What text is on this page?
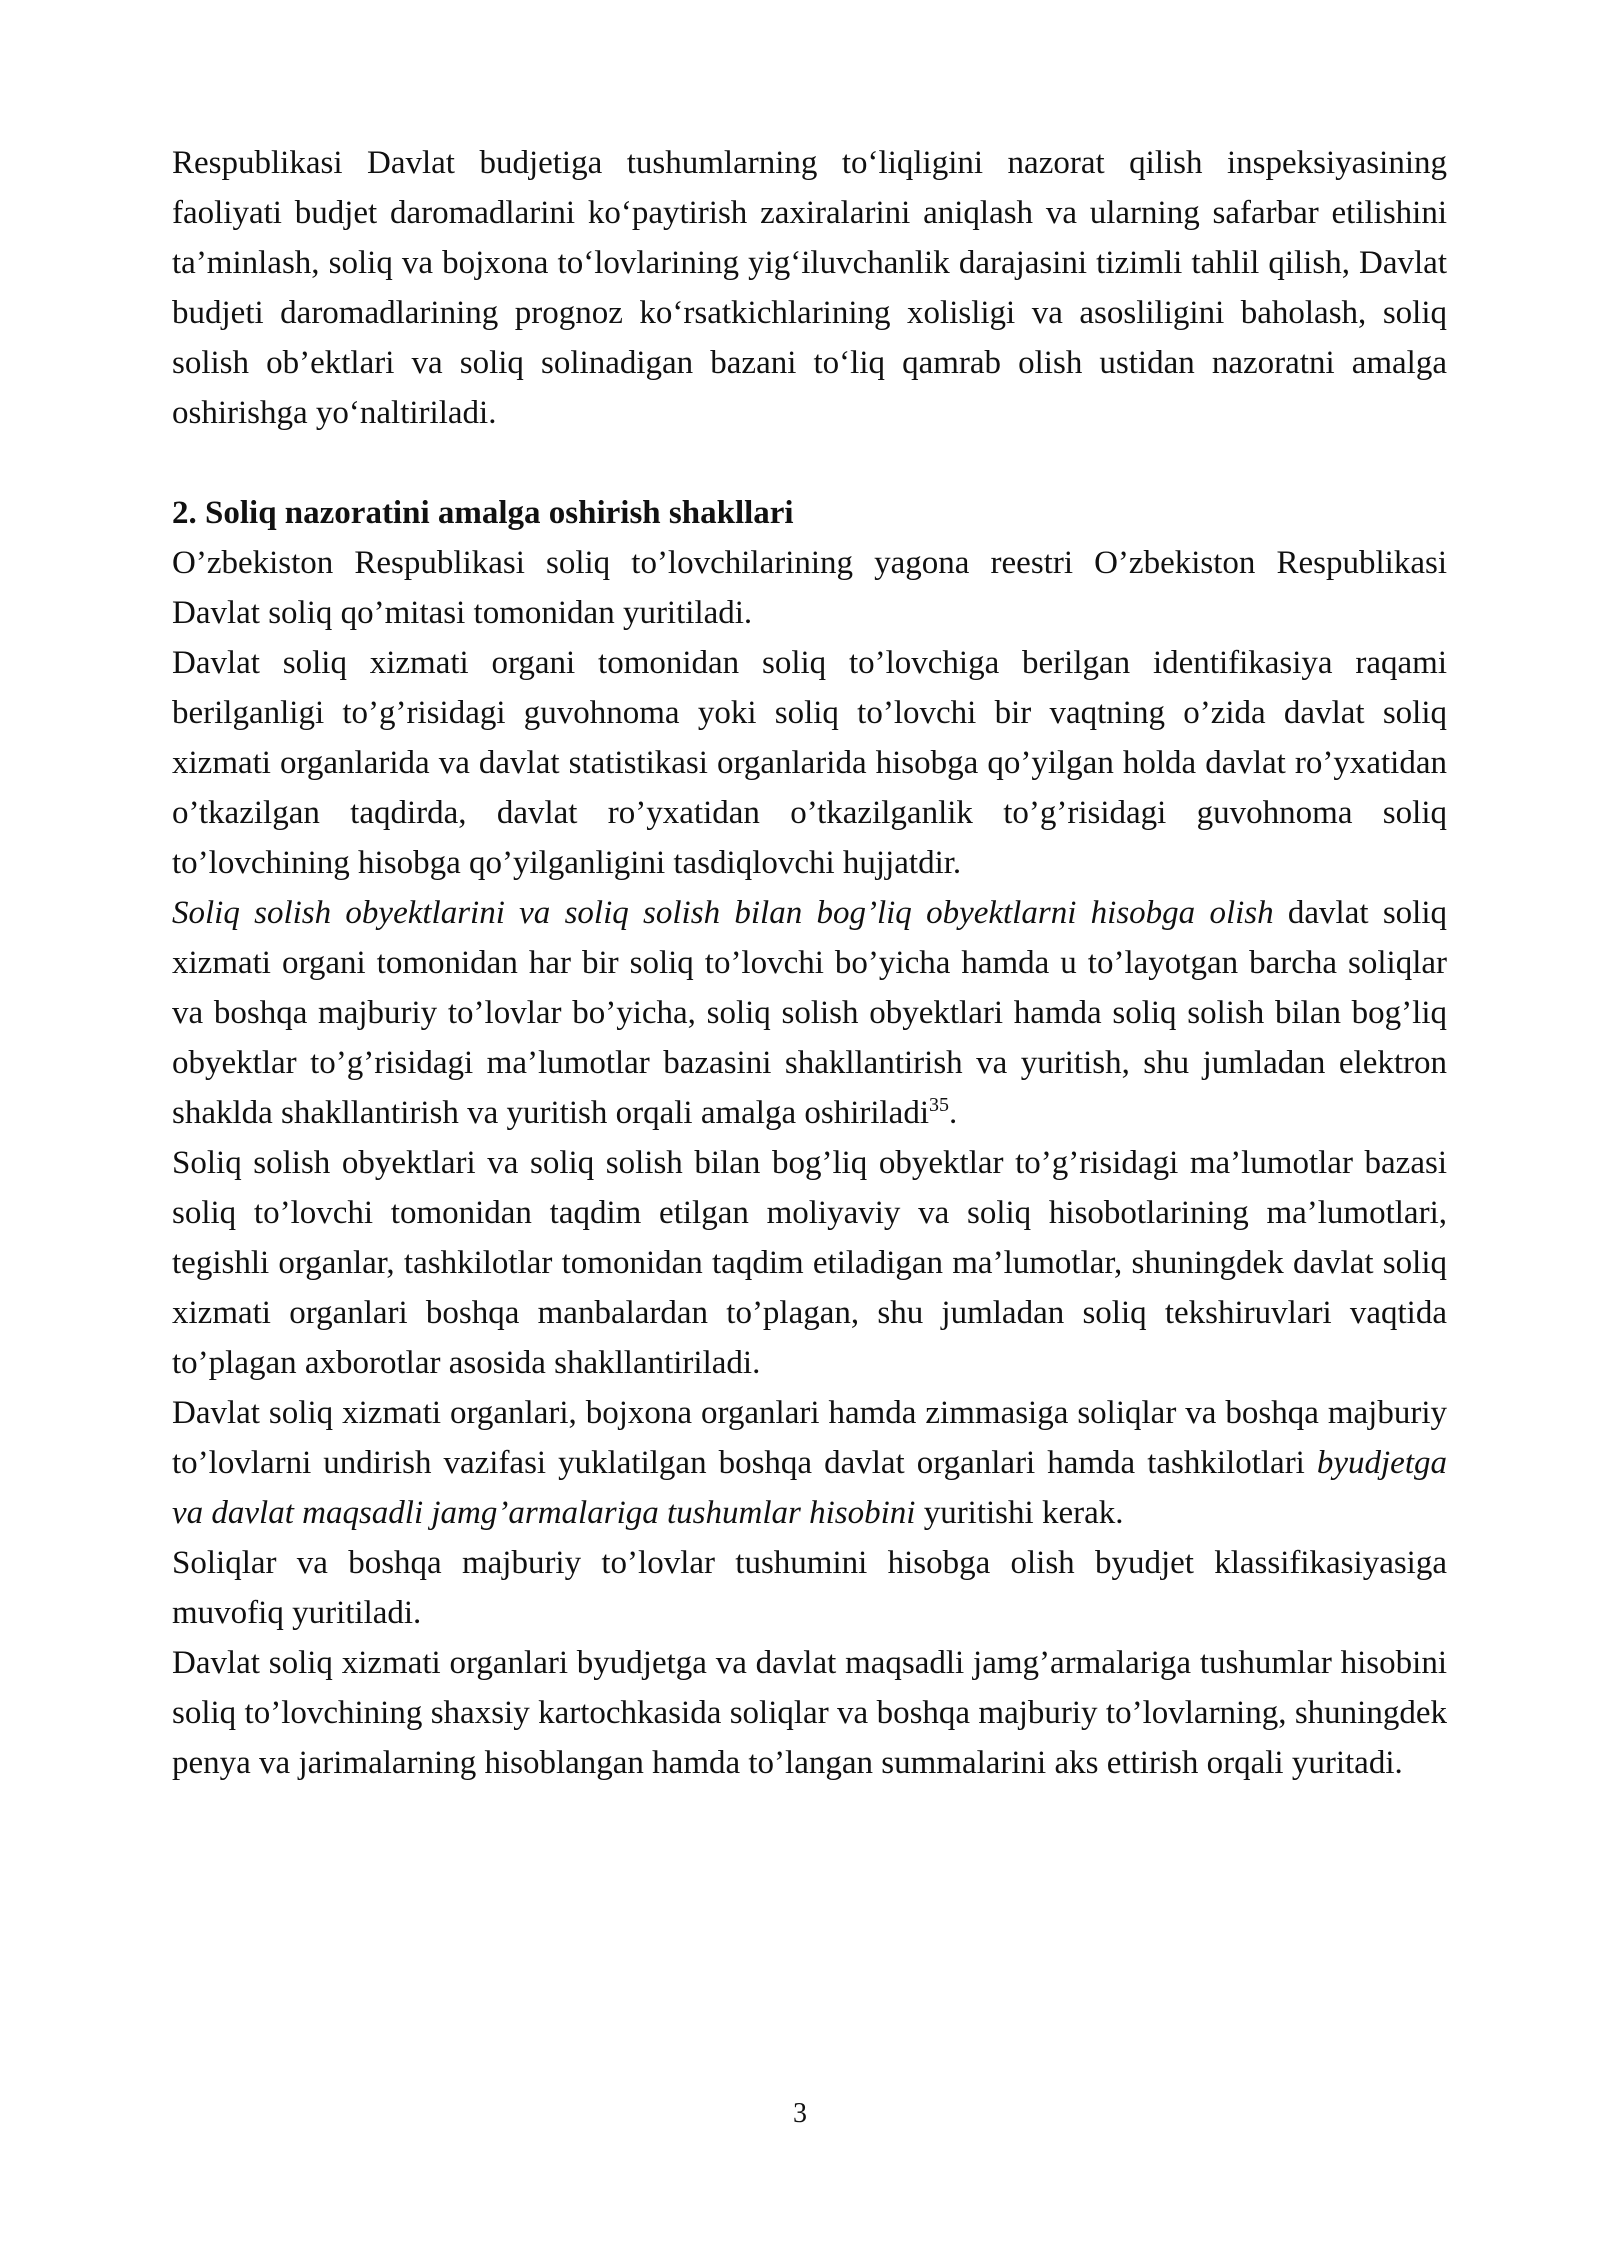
Respublikasi Davlat budjetiga tushumlarning to‘liqligini nazorat qilish inspeksiyasining faoliyati budjet daromadlarini ko‘paytirish zaxiralarini aniqlash va ularning safarbar etilishini ta’minlash, soliq va bojxona to‘lovlarining yig‘iluvchanlik darajasini tizimli tahlil qilish, Davlat budjeti daromadlarining prognoz ko‘rsatkichlarining xolisligi va asosliligini baholash, soliq solish ob’ektlari va soliq solinadigan bazani to‘liq qamrab olish ustidan nazoratni amalga oshirishga yo‘naltiriladi.

2. Soliq nazoratini amalga oshirish shakllari

O’zbekiston Respublikasi soliq to’lovchilarining yagona reestri O’zbekiston Respublikasi Davlat soliq qo’mitasi tomonidan yuritiladi.

Davlat soliq xizmati organi tomonidan soliq to’lovchiga berilgan identifikasiya raqami berilganligi to’g’risidagi guvohnoma yoki soliq to’lovchi bir vaqtning o’zida davlat soliq xizmati organlarida va davlat statistikasi organlarida hisobga qo’yilgan holda davlat ro’yxatidan o’tkazilgan taqdirda, davlat ro’yxatidan o’tkazilganlik to’g’risidagi guvohnoma soliq to’lovchining hisobga qo’yilganligini tasdiqlovchi hujjatdir.

Soliq solish obyektlarini va soliq solish bilan bog’liq obyektlarni hisobga olish davlat soliq xizmati organi tomonidan har bir soliq to’lovchi bo’yicha hamda u to’layotgan barcha soliqlar va boshqa majburiy to’lovlar bo’yicha, soliq solish obyektlari hamda soliq solish bilan bog’liq obyektlar to’g’risidagi ma’lumotlar bazasini shakllantirish va yuritish, shu jumladan elektron shaklda shakllantirish va yuritish orqali amalga oshiriladi$^{35}$.

Soliq solish obyektlari va soliq solish bilan bog’liq obyektlar to’g’risidagi ma’lumotlar bazasi soliq to’lovchi tomonidan taqdim etilgan moliyaviy va soliq hisobotlarining ma’lumotlari, tegishli organlar, tashkilotlar tomonidan taqdim etiladigan ma’lumotlar, shuningdek davlat soliq xizmati organlari boshqa manbalardan to’plagan, shu jumladan soliq tekshiruvlari vaqtida to’plagan axborotlar asosida shakllantiriladi.

Davlat soliq xizmati organlari, bojxona organlari hamda zimmasiga soliqlar va boshqa majburiy to’lovlarni undirish vazifasi yuklatilgan boshqa davlat organlari hamda tashkilotlari byudjetga va davlat maqsadli jamg’armalariga tushumlar hisobini yuritishi kerak.

Soliqlar va boshqa majburiy to’lovlar tushumini hisobga olish byudjet klassifikasiyasiga muvofiq yuritiladi.

Davlat soliq xizmati organlari byudjetga va davlat maqsadli jamg’armalariga tushumlar hisobini soliq to’lovchining shaxsiy kartochkasida soliqlar va boshqa majburiy to’lovlarning, shuningdek penya va jarimalarning hisoblangan hamda to’langan summalarini aks ettirish orqali yuritadi.

3
